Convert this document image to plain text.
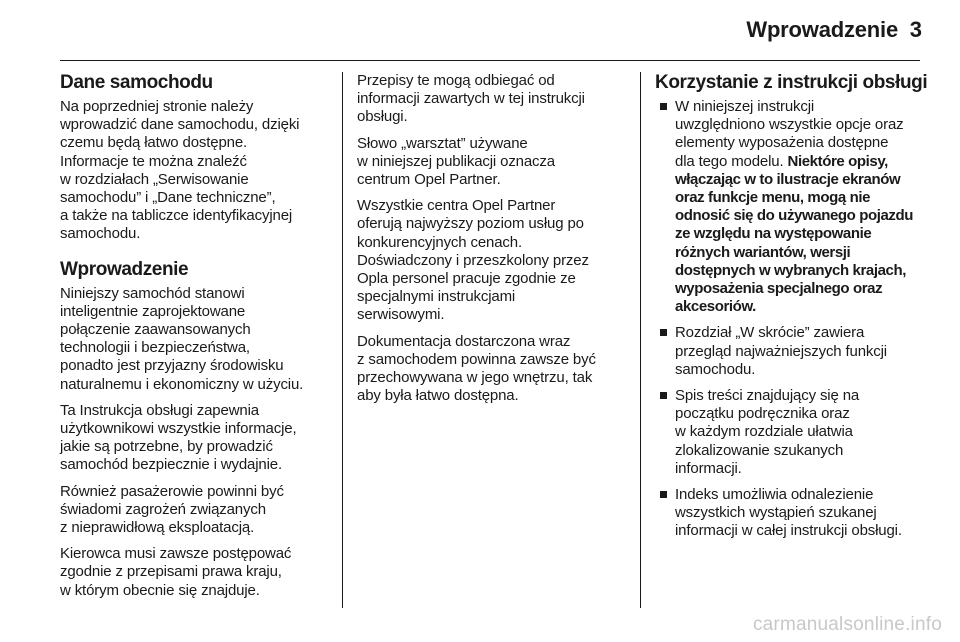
Wprowadzenie 3
Dane samochodu

Na poprzedniej stronie należy
wprowadzić dane samochodu, dzięki
czemu będą łatwo dostępne.
Informacje te można znaleźć
w rozdziałach „Serwisowanie
samochodu” i „Dane techniczne”,
a także na tabliczce identyfikacyjnej
samochodu.

Wprowadzenie

Niniejszy samochód stanowi
inteligentnie zaprojektowane
połączenie zaawansowanych
technologii i bezpieczeństwa,
ponadto jest przyjazny środowisku
naturalnemu i ekonomiczny w użyciu.

Ta Instrukcja obsługi zapewnia
użytkownikowi wszystkie informacje,
jakie są potrzebne, by prowadzić
samochód bezpiecznie i wydajnie.

Również pasażerowie powinni być
świadomi zagrożeń związanych
z nieprawidłową eksploatacją.

Kierowca musi zawsze postępować
zgodnie z przepisami prawa kraju,
w którym obecnie się znajduje.

Przepisy te mogą odbiegać od
informacji zawartych w tej instrukcji
obsługi.

Słowo „warsztat” używane
w niniejszej publikacji oznacza
centrum Opel Partner.

Wszystkie centra Opel Partner
oferują najwyższy poziom usług po
konkurencyjnych cenach.
Doświadczony i przeszkolony przez
Opla personel pracuje zgodnie ze
specjalnymi instrukcjami
serwisowymi.

Dokumentacja dostarczona wraz
z samochodem powinna zawsze być
przechowywana w jego wnętrzu, tak
aby była łatwo dostępna.

Korzystanie z instrukcji obsługi
W niniejszej instrukcji
uwzględniono wszystkie opcje oraz
elementy wyposażenia dostępne
dla tego modelu. Niektóre opisy,
włączając w to ilustracje ekranów
oraz funkcje menu, mogą nie
odnosić się do używanego pojazdu
ze względu na występowanie
różnych wariantów, wersji
dostępnych w wybranych krajach,
wyposażenia specjalnego oraz
akcesoriów.
Rozdział „W skrócie” zawiera
przegląd najważniejszych funkcji
samochodu.
Spis treści znajdujący się na
początku podręcznika oraz
w każdym rozdziale ułatwia
zlokalizowanie szukanych
informacji.
Indeks umożliwia odnalezienie
wszystkich wystąpień szukanej
informacji w całej instrukcji obsługi.
carmanualsonline.info
